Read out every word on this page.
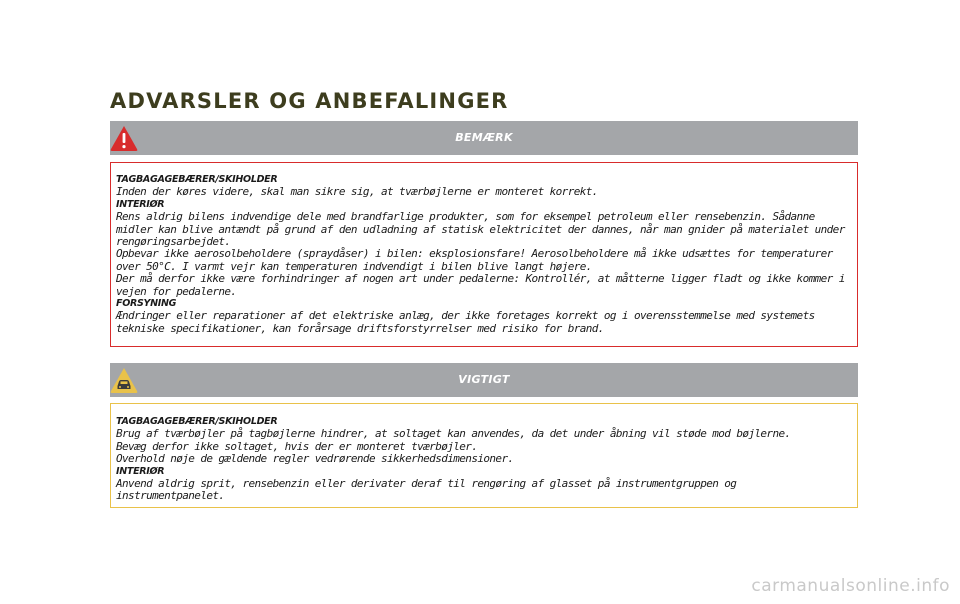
ADVARSLER OG ANBEFALINGER
BEMÆRK

TAGBAGAGEBÆRER/SKIHOLDER

Inden der køres videre, skal man sikre sig, at tværbøjlerne er monteret korrekt.

INTERIØR

Rens aldrig bilens indvendige dele med brandfarlige produkter, som for eksempel petroleum eller rensebenzin. Sådanne midler kan blive antændt på grund af den udladning af statisk elektricitet der dannes, når man gnider på materialet under rengøringsarbejdet.

Opbevar ikke aerosolbeholdere (spraydåser) i bilen: eksplosionsfare! Aerosolbeholdere må ikke udsættes for temperaturer over 50°C. I varmt vejr kan temperaturen indvendigt i bilen blive langt højere.

Der må derfor ikke være forhindringer af nogen art under pedalerne: Kontrollér, at måtterne ligger fladt og ikke kommer i vejen for pedalerne.

FORSYNING

Ændringer eller reparationer af det elektriske anlæg, der ikke foretages korrekt og i overensstemmelse med systemets tekniske specifikationer, kan forårsage driftsforstyrrelser med risiko for brand.

VIGTIGT

TAGBAGAGEBÆRER/SKIHOLDER

Brug af tværbøjler på tagbøjlerne hindrer, at soltaget kan anvendes, da det under åbning vil støde mod bøjlerne.

Bevæg derfor ikke soltaget, hvis der er monteret tværbøjler.

Overhold nøje de gældende regler vedrørende sikkerhedsdimensioner.

INTERIØR

Anvend aldrig sprit, rensebenzin eller derivater deraf til rengøring af glasset på instrumentgruppen og instrumentpanelet.

carmanualsonline.info
